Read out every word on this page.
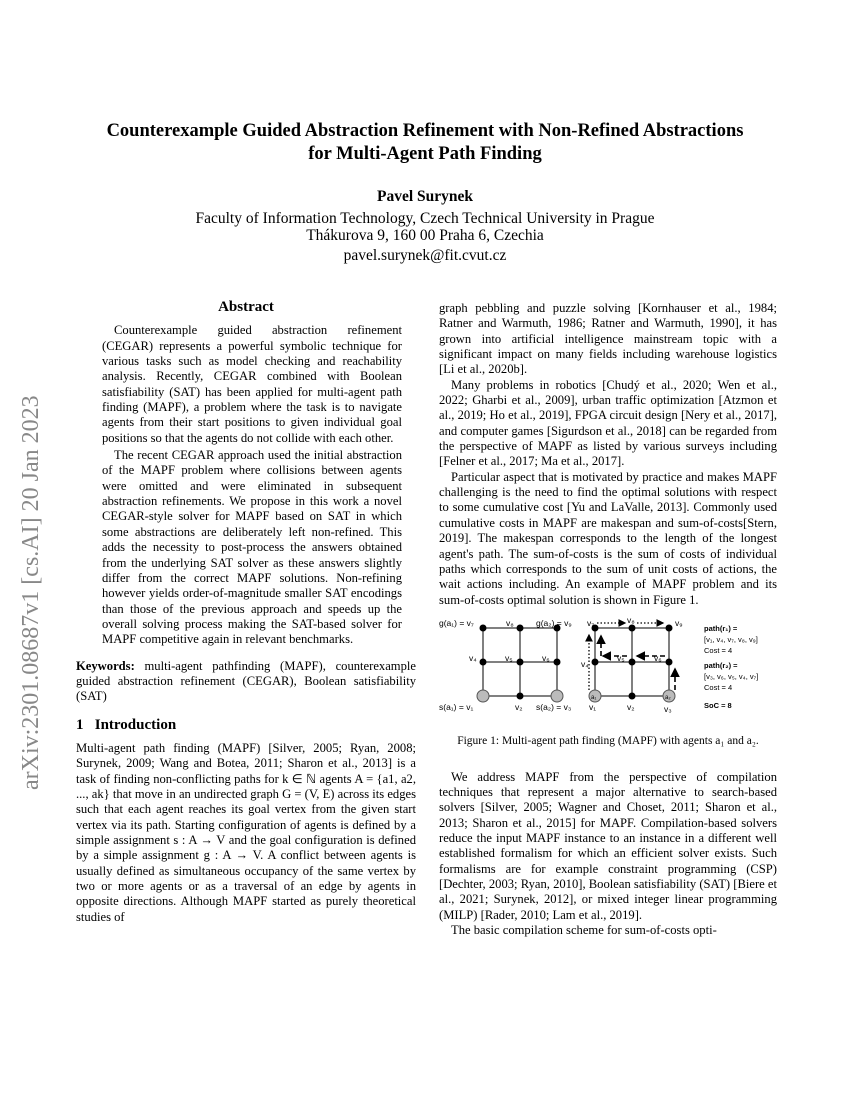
arXiv:2301.08687v1 [cs.AI] 20 Jan 2023
Counterexample Guided Abstraction Refinement with Non-Refined Abstractions
for Multi-Agent Path Finding
Pavel Surynek
Faculty of Information Technology, Czech Technical University in Prague
Thákurova 9, 160 00 Praha 6, Czechia
pavel.surynek@fit.cvut.cz
Abstract

Counterexample guided abstraction refinement (CEGAR) represents a powerful symbolic technique for various tasks such as model checking and reachability analysis. Recently, CEGAR combined with Boolean satisfiability (SAT) has been applied for multi-agent path finding (MAPF), a problem where the task is to navigate agents from their start positions to given individual goal positions so that the agents do not collide with each other.

The recent CEGAR approach used the initial abstraction of the MAPF problem where collisions between agents were omitted and were eliminated in subsequent abstraction refinements. We propose in this work a novel CEGAR-style solver for MAPF based on SAT in which some abstractions are deliberately left non-refined. This adds the necessity to post-process the answers obtained from the underlying SAT solver as these answers slightly differ from the correct MAPF solutions. Non-refining however yields order-of-magnitude smaller SAT encodings than those of the previous approach and speeds up the overall solving process making the SAT-based solver for MAPF competitive again in relevant benchmarks.

Keywords: multi-agent pathfinding (MAPF), counterexample guided abstraction refinement (CEGAR), Boolean satisfiability (SAT)

1 Introduction

Multi-agent path finding (MAPF) [Silver, 2005; Ryan, 2008; Surynek, 2009; Wang and Botea, 2011; Sharon et al., 2013] is a task of finding non-conflicting paths for k ∈ ℕ agents A = {a1, a2, ..., ak} that move in an undirected graph G = (V, E) across its edges such that each agent reaches its goal vertex from the given start vertex via its path. Starting configuration of agents is defined by a simple assignment s : A → V and the goal configuration is defined by a simple assignment g : A → V. A conflict between agents is usually defined as simultaneous occupancy of the same vertex by two or more agents or as a traversal of an edge by agents in opposite directions. Although MAPF started as purely theoretical studies of

graph pebbling and puzzle solving [Kornhauser et al., 1984; Ratner and Warmuth, 1986; Ratner and Warmuth, 1990], it has grown into artificial intelligence mainstream topic with a significant impact on many fields including warehouse logistics [Li et al., 2020b].

Many problems in robotics [Chudý et al., 2020; Wen et al., 2022; Gharbi et al., 2009], urban traffic optimization [Atzmon et al., 2019; Ho et al., 2019], FPGA circuit design [Nery et al., 2017], and computer games [Sigurdson et al., 2018] can be regarded from the perspective of MAPF as listed by various surveys including [Felner et al., 2017; Ma et al., 2017].

Particular aspect that is motivated by practice and makes MAPF challenging is the need to find the optimal solutions with respect to some cumulative cost [Yu and LaValle, 2013]. Commonly used cumulative costs in MAPF are makespan and sum-of-costs[Stern, 2019]. The makespan corresponds to the length of the longest agent's path. The sum-of-costs is the sum of costs of individual paths which corresponds to the sum of unit costs of actions, the wait actions including. An example of MAPF problem and its sum-of-costs optimal solution is shown in Figure 1.

g(a₁) = v₇	v₈	g(a₂) = v₉
v₄	v₅	v₆
s(a₁) = v₁	v₂ s(a₂) = v₃
v₇	v₈	v₉
v₄
v₅	v₆
v₁	v₂	v₃
a₁	a₂
path(r₁) =
[v₁, v₄, v₇, v₈, v₉]
Cost = 4
path(r₂) =
[v₃, v₆, v₅, v₄, v₇]
Cost = 4
SoC = 8
Figure 1: Multi-agent path finding (MAPF) with agents a₁ and a₂.

We address MAPF from the perspective of compilation techniques that represent a major alternative to search-based solvers [Silver, 2005; Wagner and Choset, 2011; Sharon et al., 2013; Sharon et al., 2015] for MAPF. Compilation-based solvers reduce the input MAPF instance to an instance in a different well established formalism for which an efficient solver exists. Such formalisms are for example constraint programming (CSP) [Dechter, 2003; Ryan, 2010], Boolean satisfiability (SAT) [Biere et al., 2021; Surynek, 2012], or mixed integer linear programming (MILP) [Rader, 2010; Lam et al., 2019].

The basic compilation scheme for sum-of-costs opti-
